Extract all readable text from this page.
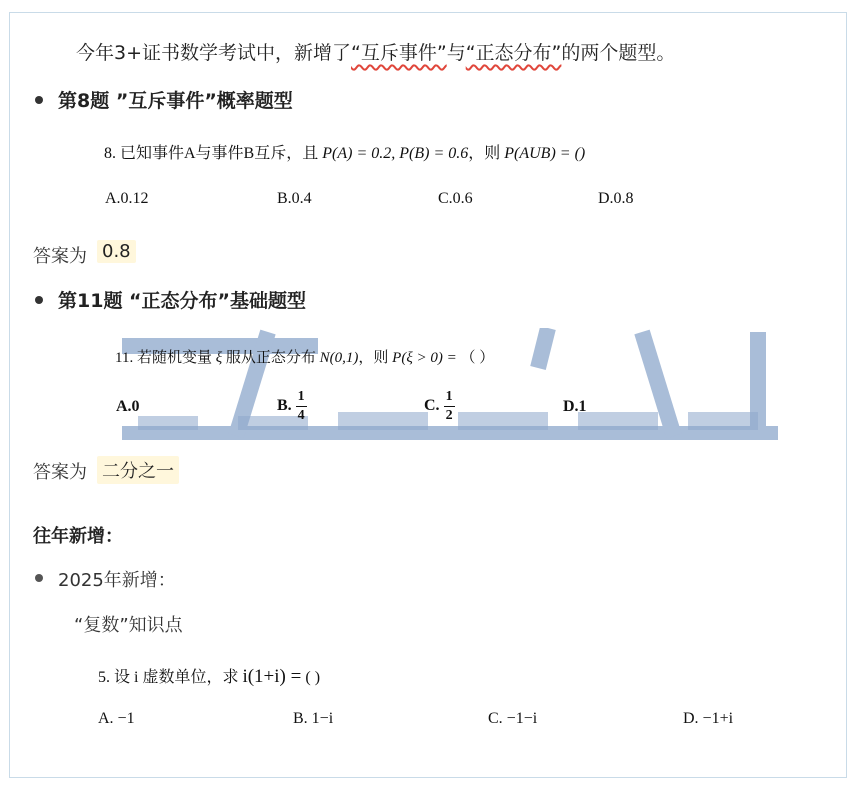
今年3+证书数学考试中，新增了“互斥事件”与“正态分布”的两个题型。
第8题 ”互斥事件”概率题型
8. 已知事件A与事件B互斥，且 P(A) = 0.2, P(B) = 0.6，则 P(AUB) = ()
A.0.12	B.0.4	C.0.6	D.0.8
答案为 0.8
第11题 “正态分布”基础题型
11. 若随机变量 ξ 服从正态分布 N(0,1)，则 P(ξ > 0) = （ ）
A.0	B. $\frac{1}{4}$	C. $\frac{1}{2}$	D.1
答案为 二分之一
往年新增：
2025年新增：
“复数”知识点
5. 设 i 虚数单位，求 i(1+i) = ( )
A. −1	B. 1−i	C. −1−i	D. −1+i
